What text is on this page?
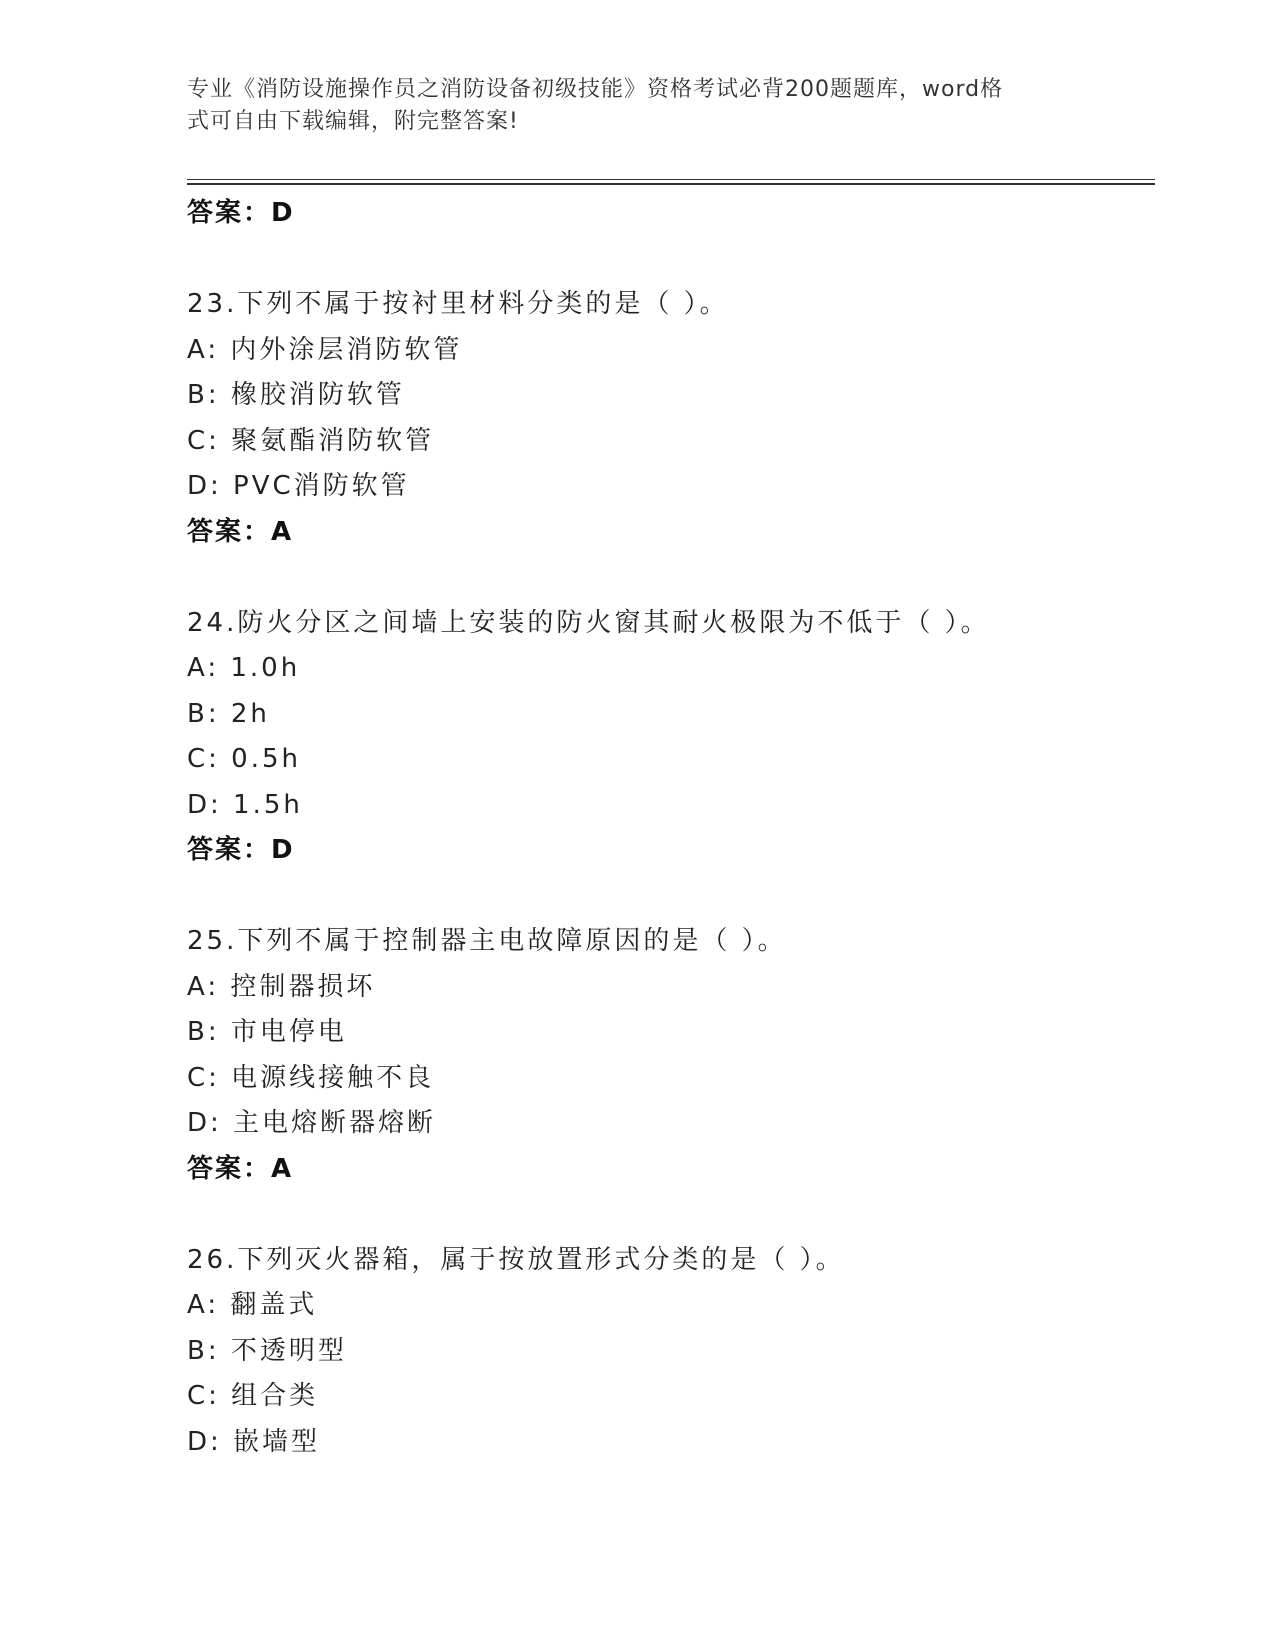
专业《消防设施操作员之消防设备初级技能》资格考试必背200题题库，word格
式可自由下载编辑，附完整答案!
答案：D
23.下列不属于按衬里材料分类的是（ ）。
A: 内外涂层消防软管
B: 橡胶消防软管
C: 聚氨酯消防软管
D: PVC消防软管
答案：A
24.防火分区之间墙上安装的防火窗其耐火极限为不低于（ ）。
A: 1.0h
B: 2h
C: 0.5h
D: 1.5h
答案：D
25.下列不属于控制器主电故障原因的是（ ）。
A: 控制器损坏
B: 市电停电
C: 电源线接触不良
D: 主电熔断器熔断
答案：A
26.下列灭火器箱，属于按放置形式分类的是（ ）。
A: 翻盖式
B: 不透明型
C: 组合类
D: 嵌墙型
